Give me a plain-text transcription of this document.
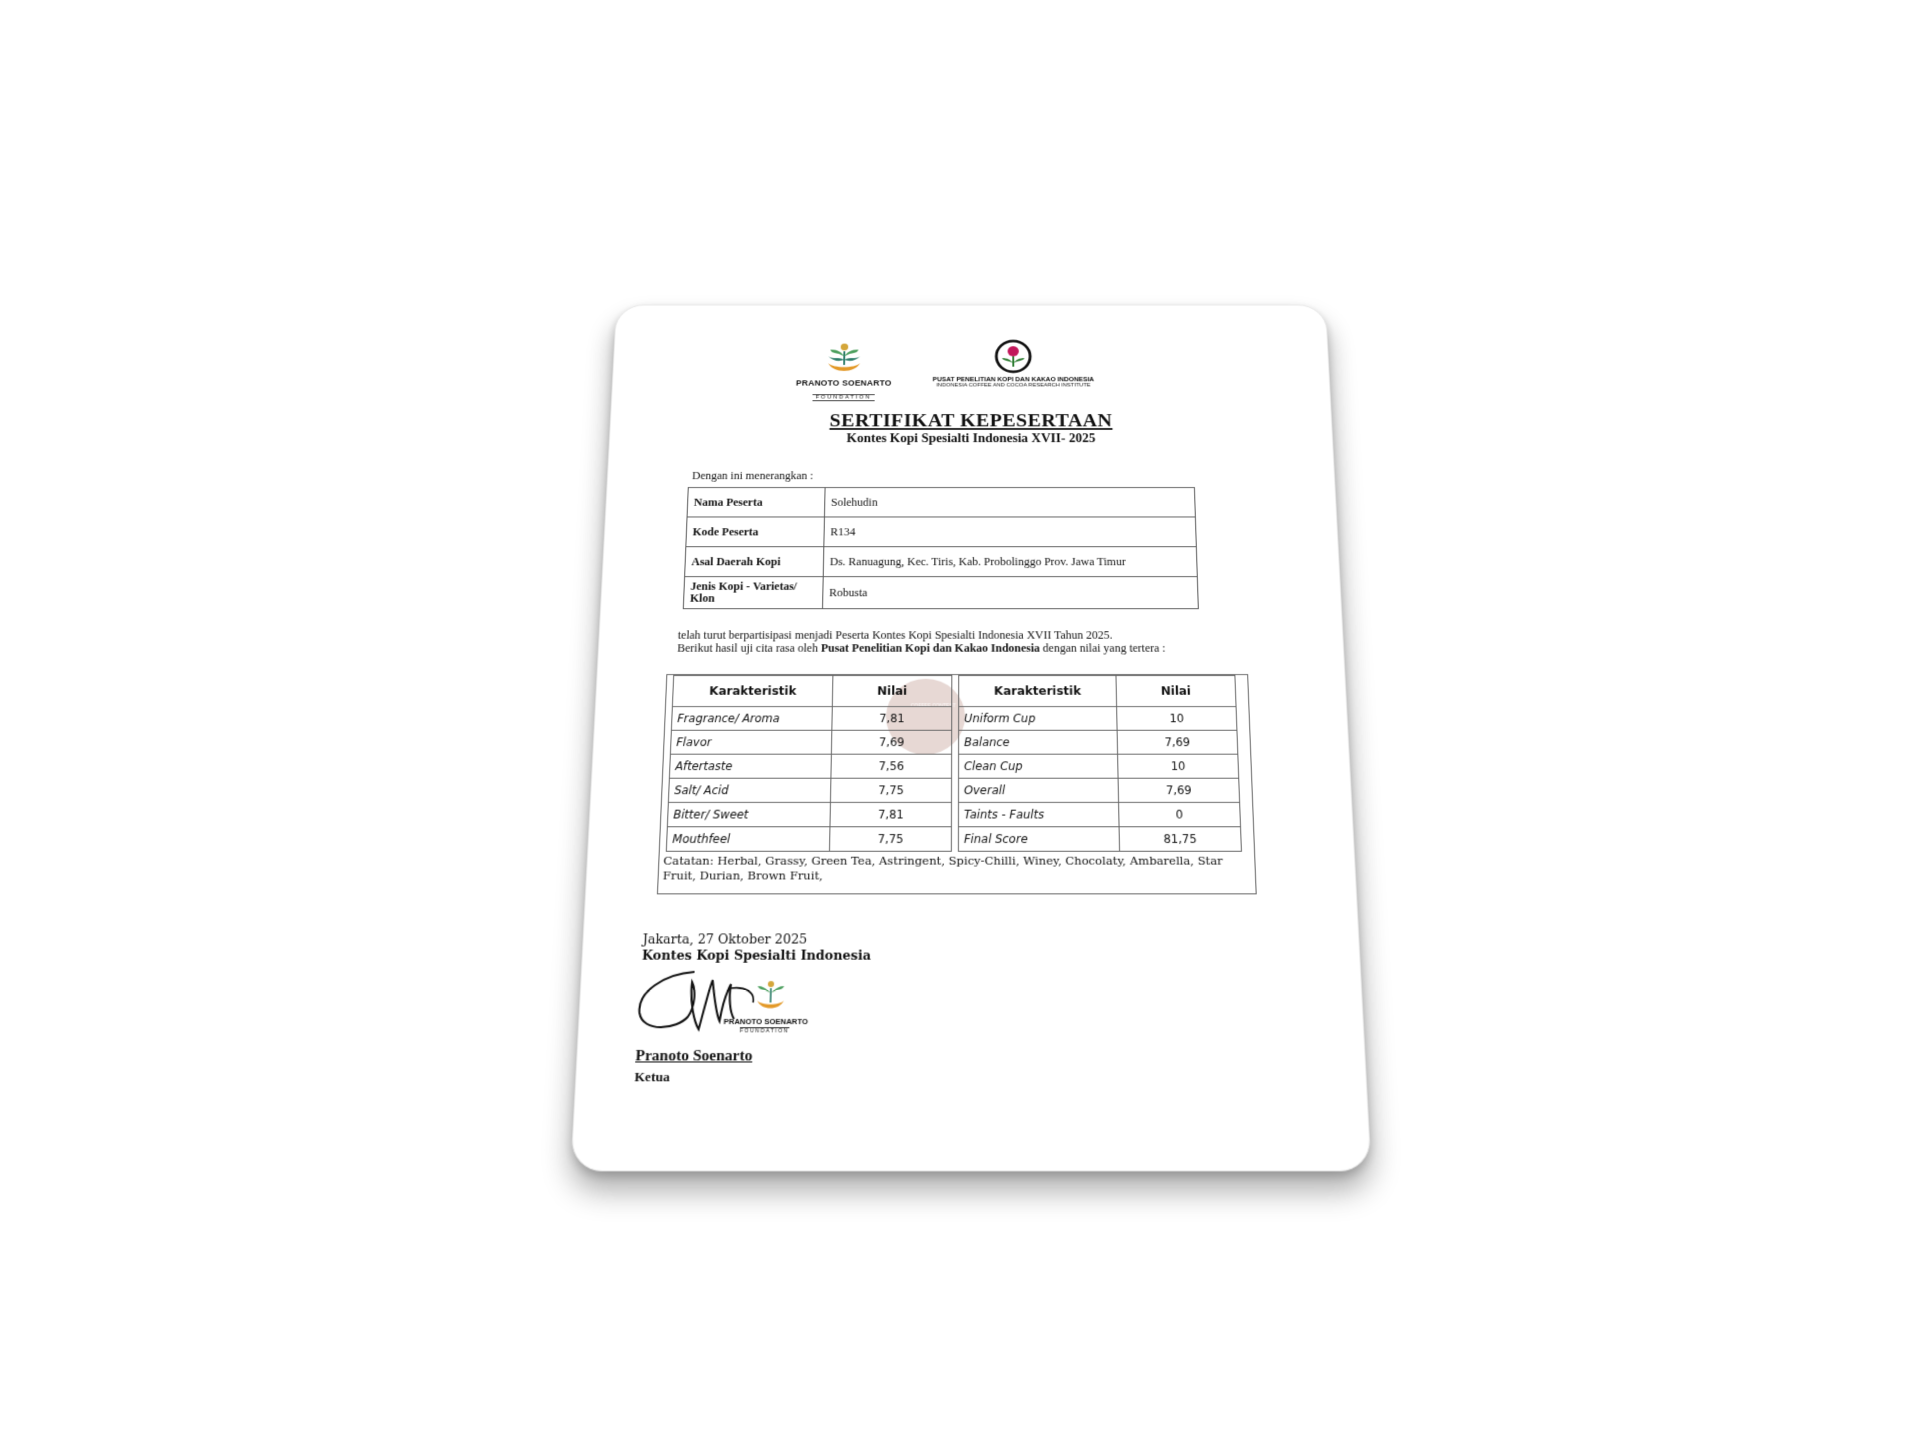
PRANOTO SOENARTO
FOUNDATION
PUSAT PENELITIAN KOPI DAN KAKAO INDONESIA
INDONESIA COFFEE AND COCOA RESEARCH INSTITUTE
SERTIFIKAT KEPESERTAAN
Kontes Kopi Spesialti Indonesia XVII- 2025
Dengan ini menerangkan :
Nama Peserta	Solehudin
Kode Peserta	R134
Asal Daerah Kopi	Ds. Ranuagung, Kec. Tiris, Kab. Probolinggo Prov. Jawa Timur
Jenis Kopi - Varietas/ Klon	Robusta
telah turut berpartisipasi menjadi Peserta Kontes Kopi Spesialti Indonesia XVII Tahun 2025.
Berikut hasil uji cita rasa oleh Pusat Penelitian Kopi dan Kakao Indonesia dengan nilai yang tertera :
COFFEE CONTEST
Karakteristik	Nilai
Fragrance/ Aroma	7,81
Flavor	7,69
Aftertaste	7,56
Salt/ Acid	7,75
Bitter/ Sweet	7,81
Mouthfeel	7,75
Karakteristik	Nilai
Uniform Cup	10
Balance	7,69
Clean Cup	10
Overall	7,69
Taints - Faults	0
Final Score	81,75
Catatan: Herbal, Grassy, Green Tea, Astringent, Spicy-Chilli, Winey, Chocolaty, Ambarella, Star Fruit, Durian, Brown Fruit,
Jakarta, 27 Oktober 2025
Kontes Kopi Spesialti Indonesia
PRANOTO SOENARTO
FOUNDATION
Pranoto Soenarto
Ketua
